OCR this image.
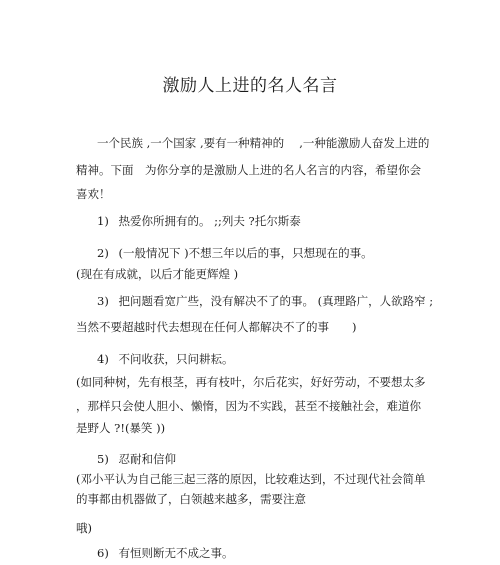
激励人上进的名人名言
一个民族 ,一个国家 ,要有一种精神的　 ,一种能激励人奋发上进的
精神。下面　为你分享的是激励人上进的名人名言的内容，希望你会
喜欢！
1) 热爱你所拥有的。 ;;列夫 ?托尔斯泰
2) (一般情况下 )不想三年以后的事，只想现在的事。
(现在有成就，以后才能更辉煌 )
3) 把问题看宽广些，没有解决不了的事。 (真理路广，人欲路窄 ;
当然不要超越时代去想现在任何人都解决不了的事　　)
4) 不问收获，只问耕耘。
(如同种树，先有根茎，再有枝叶，尔后花实，好好劳动，不要想太多
，那样只会使人胆小、懒惰，因为不实践，甚至不接触社会，难道你
是野人 ?!(暴笑 ))
5) 忍耐和信仰
(邓小平认为自己能三起三落的原因，比较难达到，不过现代社会简单
的事都由机器做了，白领越来越多，需要注意
哦)
6) 有恒则断无不成之事。
